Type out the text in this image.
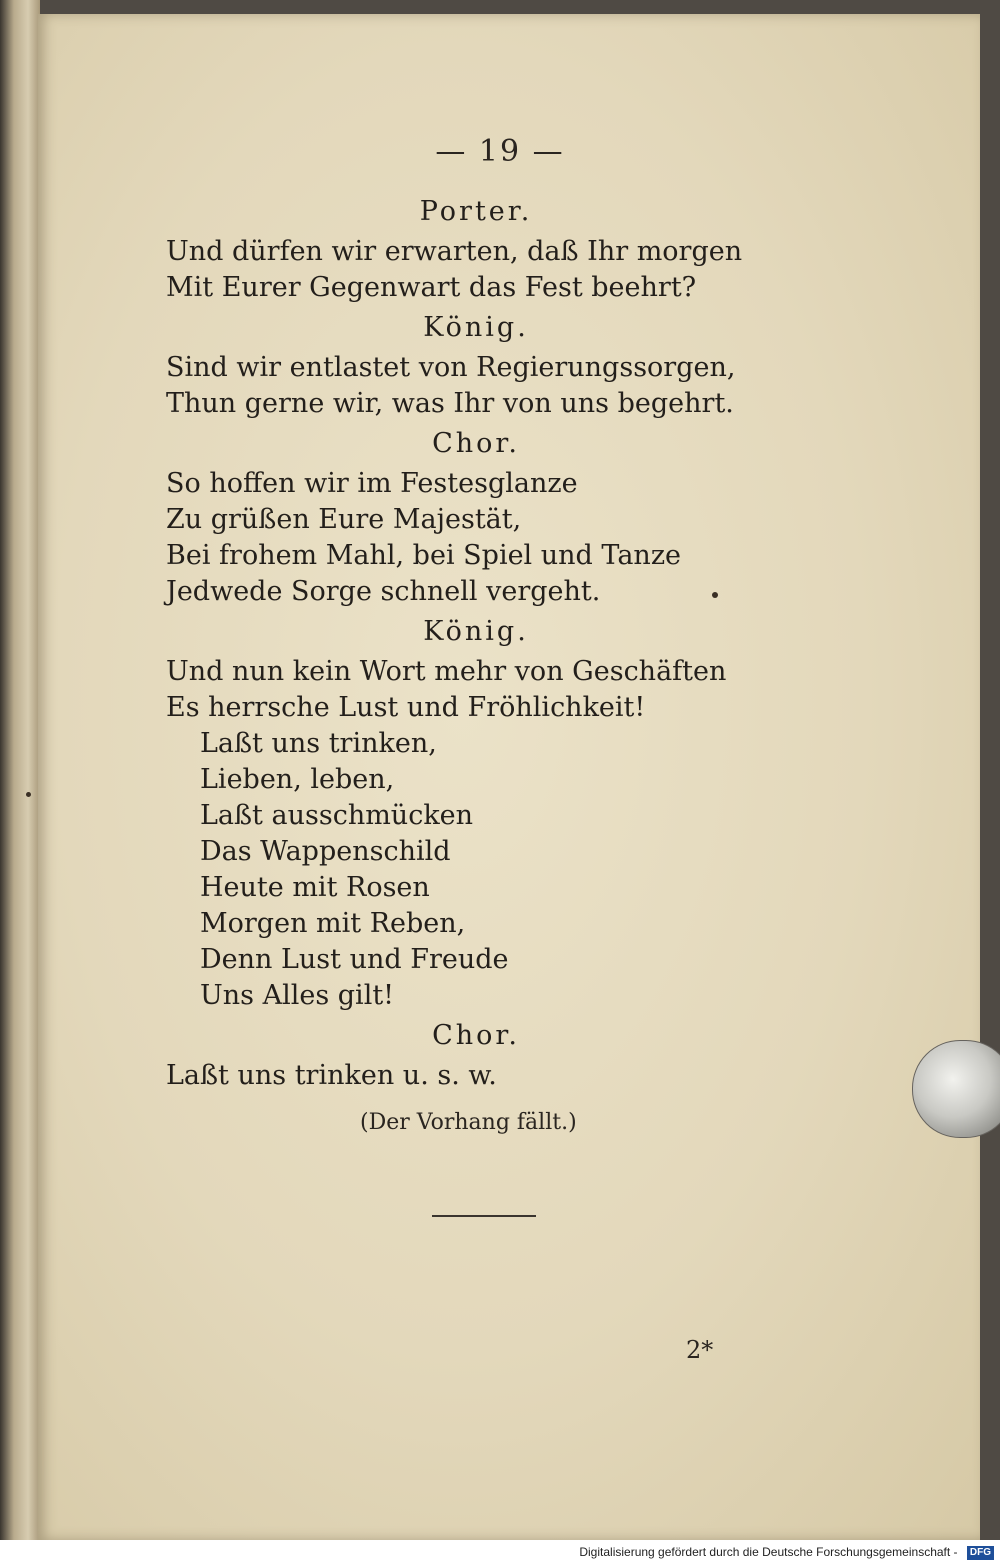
— 19 —
Porter.
Und dürfen wir erwarten, daß Ihr morgen
Mit Eurer Gegenwart das Fest beehrt?
König.
Sind wir entlastet von Regierungssorgen,
Thun gerne wir, was Ihr von uns begehrt.
Chor.
So hoffen wir im Festesglanze
Zu grüßen Eure Majestät,
Bei frohem Mahl, bei Spiel und Tanze
Jedwede Sorge schnell vergeht.
König.
Und nun kein Wort mehr von Geschäften
Es herrsche Lust und Fröhlichkeit!
Laßt uns trinken,
Lieben, leben,
Laßt ausschmücken
Das Wappenschild
Heute mit Rosen
Morgen mit Reben,
Denn Lust und Freude
Uns Alles gilt!
Chor.
Laßt uns trinken u. s. w.
(Der Vorhang fällt.)
2*
Digitalisierung gefördert durch die Deutsche Forschungsgemeinschaft - DFG
